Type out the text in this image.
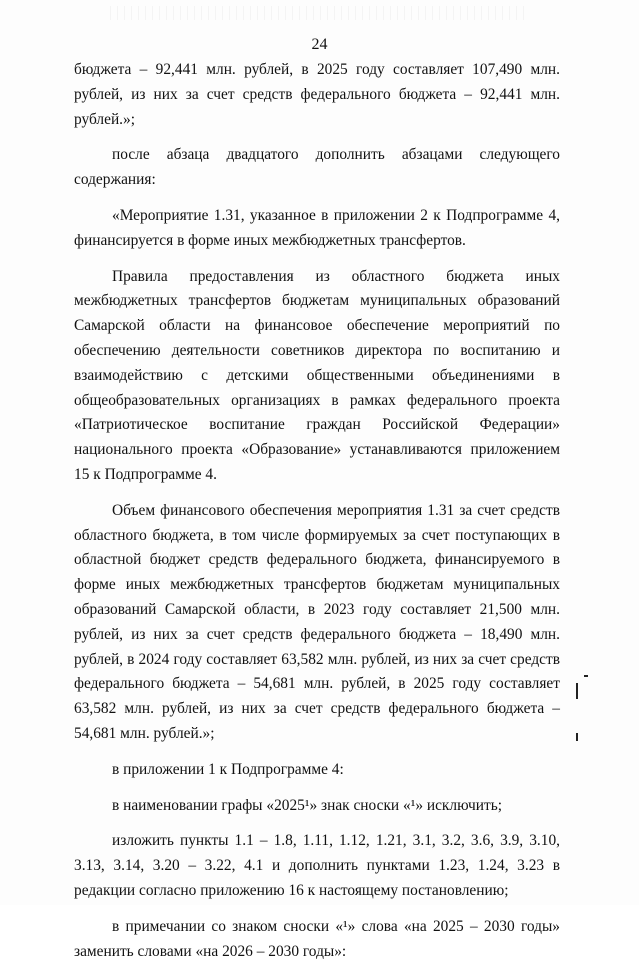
24

бюджета – 92,441 млн. рублей, в 2025 году составляет 107,490 млн. рублей, из них за счет средств федерального бюджета – 92,441 млн. рублей.»;

после абзаца двадцатого дополнить абзацами следующего содержания:

«Мероприятие 1.31, указанное в приложении 2 к Подпрограмме 4, финансируется в форме иных межбюджетных трансфертов.

Правила предоставления из областного бюджета иных межбюджетных трансфертов бюджетам муниципальных образований Самарской области на финансовое обеспечение мероприятий по обеспечению деятельности советников директора по воспитанию и взаимодействию с детскими общественными объединениями в общеобразовательных организациях в рамках федерального проекта «Патриотическое воспитание граждан Российской Федерации» национального проекта «Образование» устанавливаются приложением 15 к Подпрограмме 4.

Объем финансового обеспечения мероприятия 1.31 за счет средств областного бюджета, в том числе формируемых за счет поступающих в областной бюджет средств федерального бюджета, финансируемого в форме иных межбюджетных трансфертов бюджетам муниципальных образований Самарской области, в 2023 году составляет 21,500 млн. рублей, из них за счет средств федерального бюджета – 18,490 млн. рублей, в 2024 году составляет 63,582 млн. рублей, из них за счет средств федерального бюджета – 54,681 млн. рублей, в 2025 году составляет 63,582 млн. рублей, из них за счет средств федерального бюджета – 54,681 млн. рублей.»;

в приложении 1 к Подпрограмме 4:

в наименовании графы «2025¹» знак сноски «¹» исключить;

изложить пункты 1.1 – 1.8, 1.11, 1.12, 1.21, 3.1, 3.2, 3.6, 3.9, 3.10, 3.13, 3.14, 3.20 – 3.22, 4.1 и дополнить пунктами 1.23, 1.24, 3.23 в редакции согласно приложению 16 к настоящему постановлению;

в примечании со знаком сноски «¹» слова «на 2025 – 2030 годы» заменить словами «на 2026 – 2030 годы»:
